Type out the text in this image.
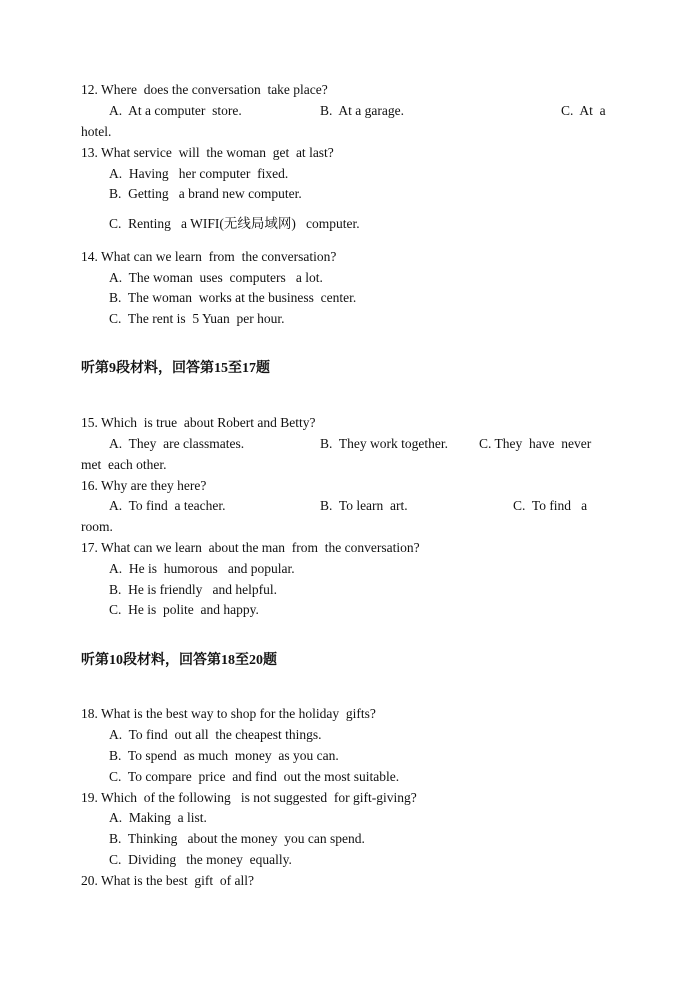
12. Where  does the conversation  take place?
A.  At a computer  store.	B.  At a garage.	C.  At  a
hotel.
13. What service  will  the woman  get  at last?
A.  Having   her computer  fixed.
B.  Getting   a brand new computer.
C.  Renting   a WIFI(无线局域网)   computer.
14. What can we learn  from  the conversation?
A.  The woman  uses  computers   a lot.
B.  The woman  works at the business  center.
C.  The rent is  5 Yuan  per hour.
听第9段材料，回答第15至17题
15. Which  is true  about Robert and Betty?
A.  They  are classmates.	B.  They work together. C. They  have  never
met  each other.
16. Why are they here?
A.  To find  a teacher.	B.  To learn  art.	C.  To find   a
room.
17. What can we learn  about the man  from  the conversation?
A.  He is  humorous   and popular.
B.  He is friendly   and helpful.
C.  He is  polite  and happy.
听第10段材料，回答第18至20题
18. What is the best way to shop for the holiday  gifts?
A.  To find  out all  the cheapest things.
B.  To spend  as much  money  as you can.
C.  To compare  price  and find  out the most suitable.
19. Which  of the following   is not suggested  for gift-giving?
A.  Making  a list.
B.  Thinking   about the money  you can spend.
C.  Dividing   the money  equally.
20. What is the best  gift  of all?
